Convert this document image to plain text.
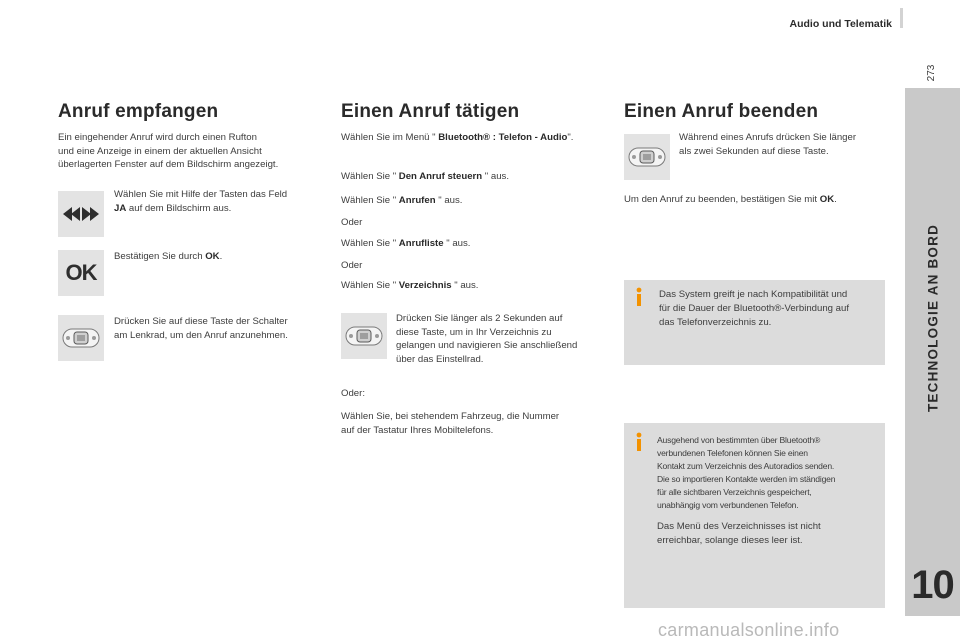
Audio und Telematik
273
TECHNOLOGIE AN BORD
10
Anruf empfangen
Ein eingehender Anruf wird durch einen Rufton
und eine Anzeige in einem der aktuellen Ansicht
überlagerten Fenster auf dem Bildschirm angezeigt.
Wählen Sie mit Hilfe der Tasten das Feld
JA auf dem Bildschirm aus.
OK
Bestätigen Sie durch OK.
Drücken Sie auf diese Taste der Schalter
am Lenkrad, um den Anruf anzunehmen.
Einen Anruf tätigen
Wählen Sie im Menü " Bluetooth® : Telefon - Audio".
Wählen Sie " Den Anruf steuern " aus.
Wählen Sie " Anrufen " aus.
Oder
Wählen Sie " Anrufliste " aus.
Oder
Wählen Sie " Verzeichnis " aus.
Drücken Sie länger als 2 Sekunden auf
diese Taste, um in Ihr Verzeichnis zu
gelangen und navigieren Sie anschließend
über das Einstellrad.
Oder:
Wählen Sie, bei stehendem Fahrzeug, die Nummer
auf der Tastatur Ihres Mobiltelefons.
Einen Anruf beenden
Während eines Anrufs drücken Sie länger
als zwei Sekunden auf diese Taste.
Um den Anruf zu beenden, bestätigen Sie mit OK.
Das System greift je nach Kompatibilität und
für die Dauer der Bluetooth®-Verbindung auf
das Telefonverzeichnis zu.
Ausgehend von bestimmten über Bluetooth®
verbundenen Telefonen können Sie einen
Kontakt zum Verzeichnis des Autoradios senden.
Die so importieren Kontakte werden im ständigen
für alle sichtbaren Verzeichnis gespeichert,
unabhängig vom verbundenen Telefon.
Das Menü des Verzeichnisses ist nicht
erreichbar, solange dieses leer ist.
carmanualsonline.info
